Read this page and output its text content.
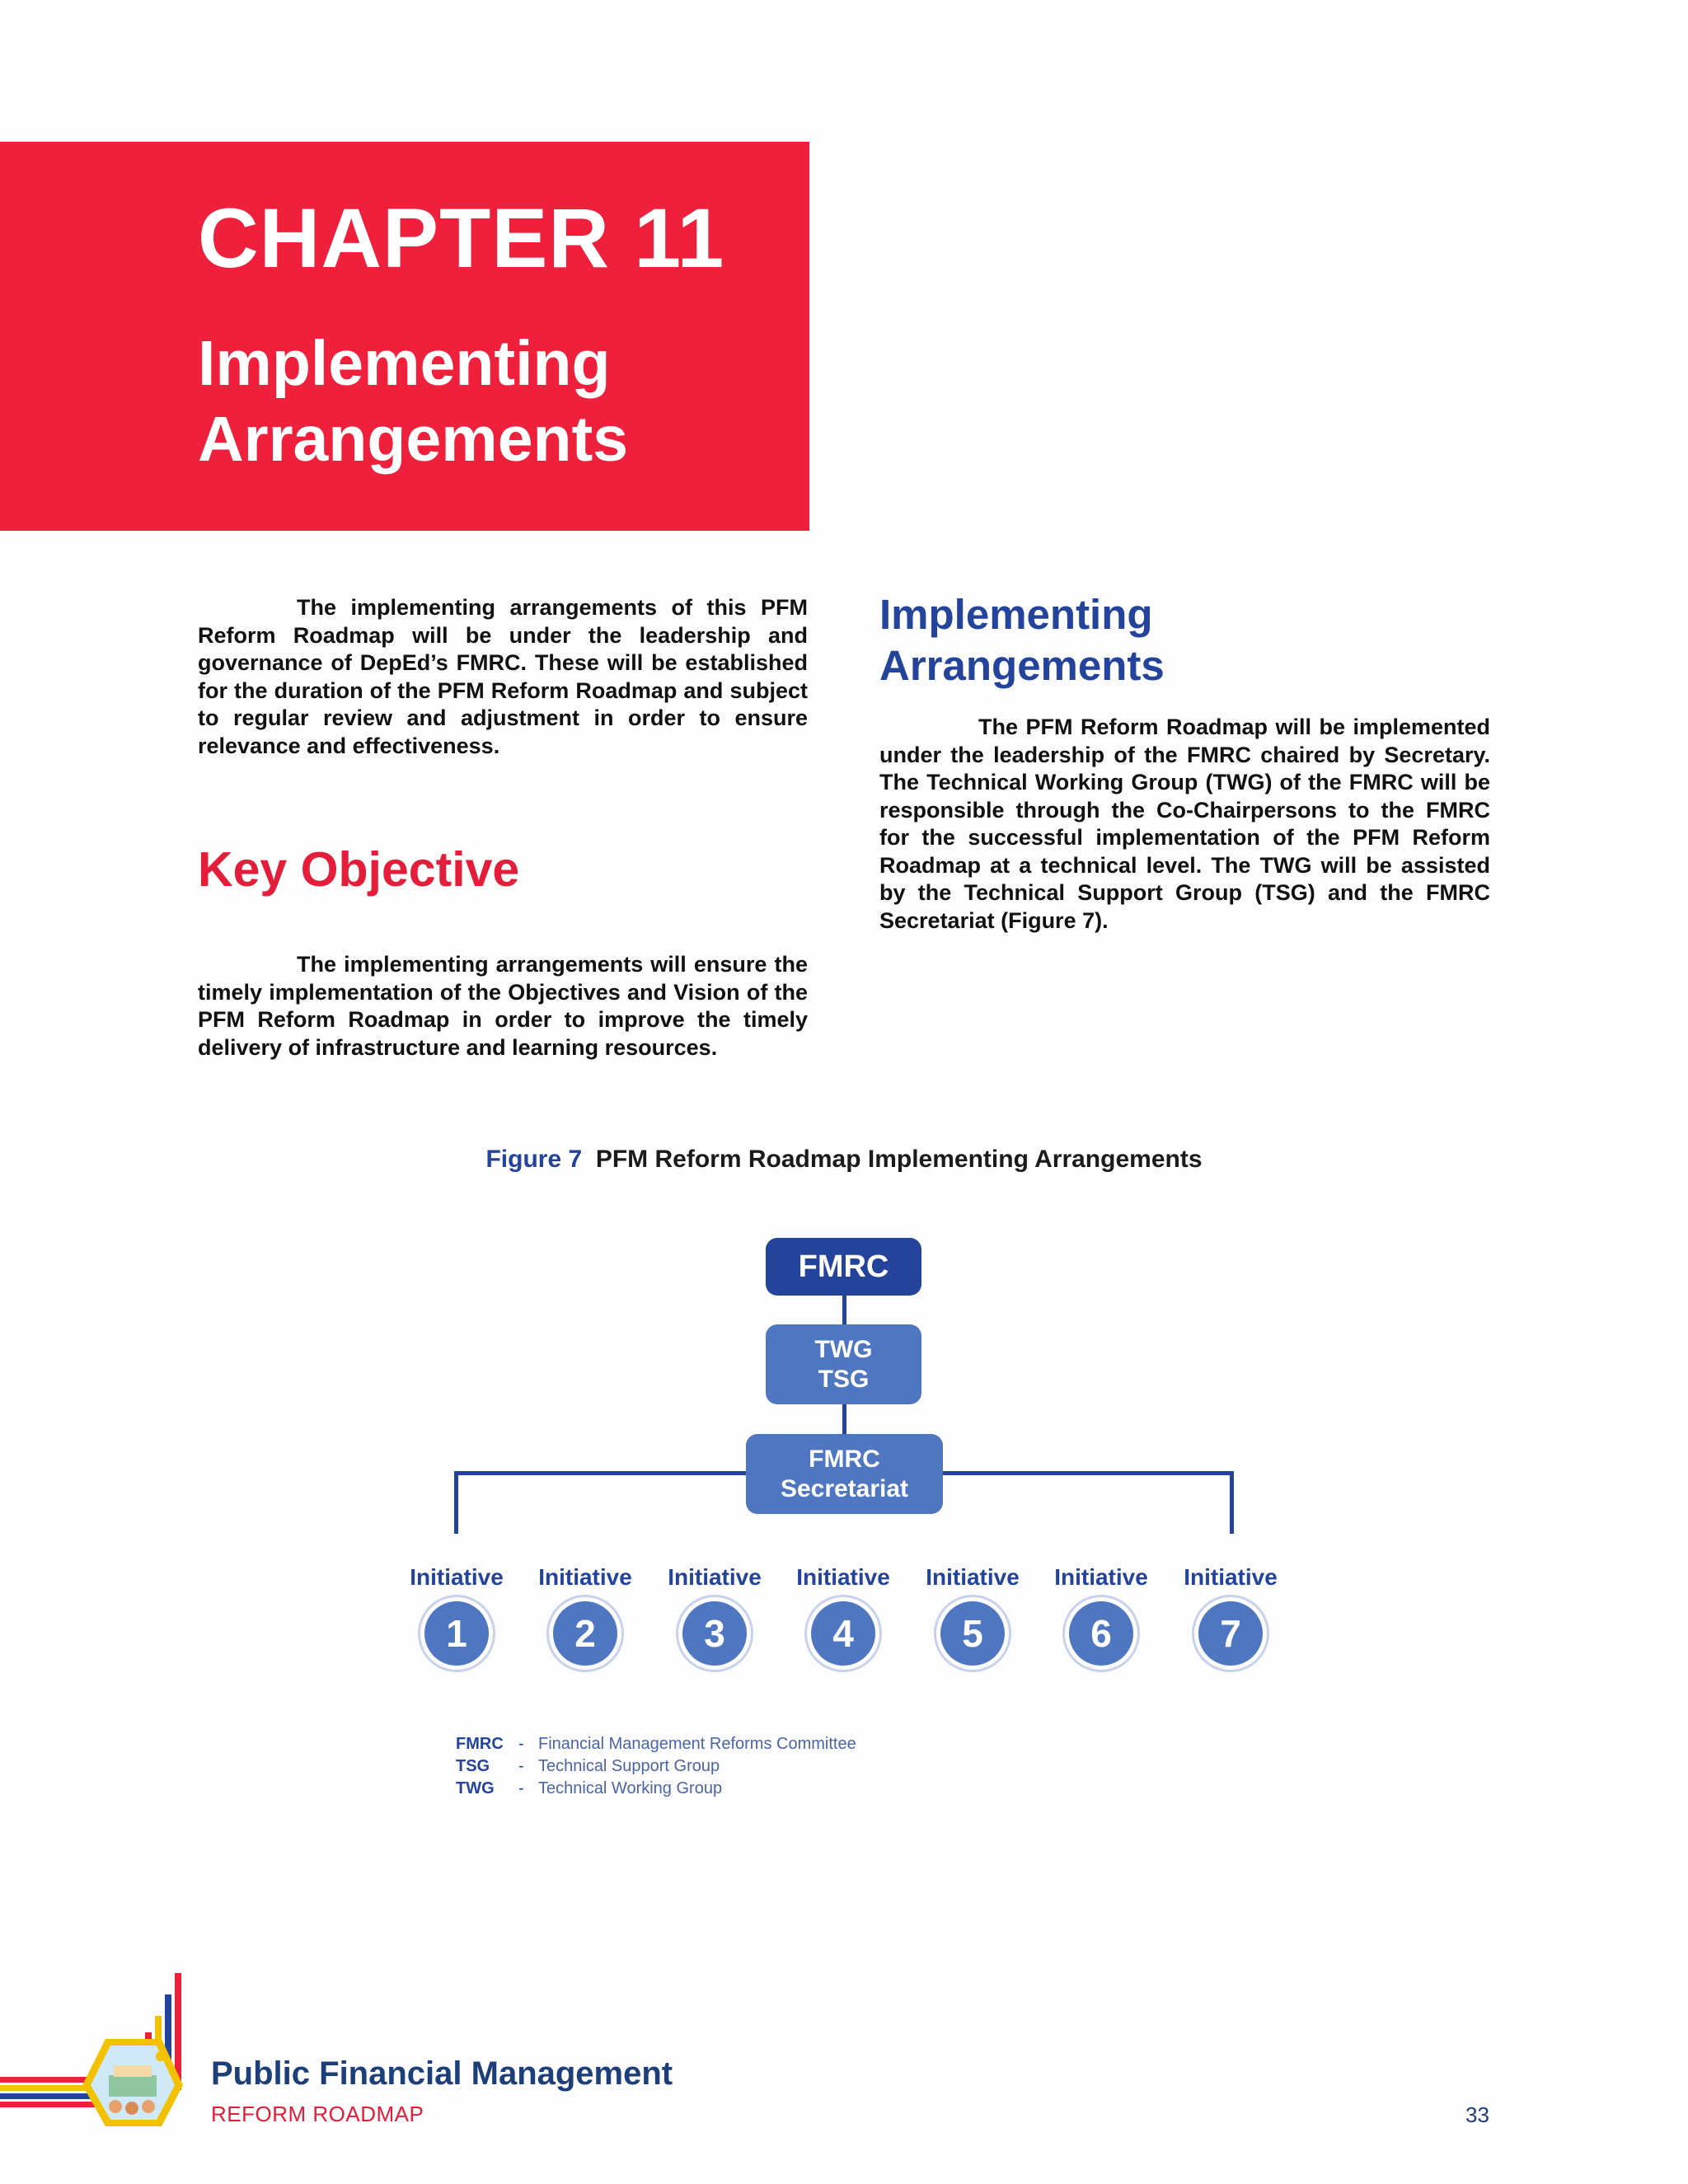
CHAPTER 11
Implementing Arrangements
The implementing arrangements of this PFM Reform Roadmap will be under the leadership and governance of DepEd’s FMRC. These will be established for the duration of the PFM Reform Roadmap and subject to regular review and adjustment in order to ensure relevance and effectiveness.
Key Objective
The implementing arrangements will ensure the timely implementation of the Objectives and Vision of the PFM Reform Roadmap in order to improve the timely delivery of infrastructure and learning resources.
Implementing Arrangements
The PFM Reform Roadmap will be implemented under the leadership of the FMRC chaired by Secretary. The Technical Working Group (TWG) of the FMRC will be responsible through the Co-Chairpersons to the FMRC for the successful implementation of the PFM Reform Roadmap at a technical level. The TWG will be assisted by the Technical Support Group (TSG) and the FMRC Secretariat (Figure 7).
Figure 7 PFM Reform Roadmap Implementing Arrangements
FMRC
TWG
TSG
FMRC
Secretariat
Initiative
1
Initiative
2
Initiative
3
Initiative
4
Initiative
5
Initiative
6
Initiative
7
FMRC - Financial Management Reforms Committee
TSG	- Technical Support Group
TWG	- Technical Working Group
Public Financial Management
REFORM ROADMAP	33
